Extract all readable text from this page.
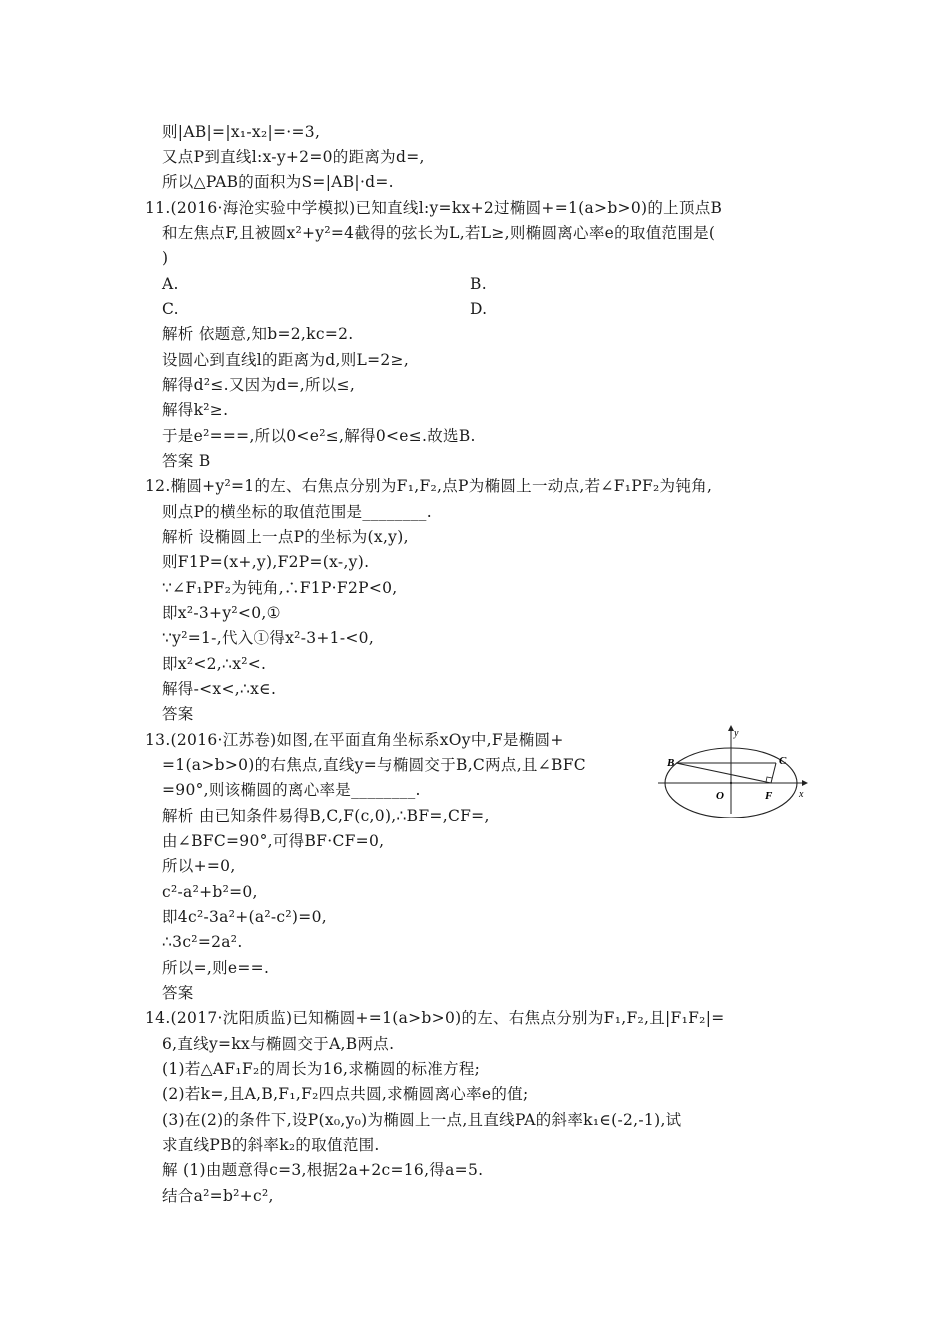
则|AB|=|x₁-x₂|=·=3,
又点P到直线l:x-y+2=0的距离为d=,
所以△PAB的面积为S=|AB|·d=.
11.(2016·海沧实验中学模拟)已知直线l:y=kx+2过椭圆+=1(a>b>0)的上顶点B
和左焦点F,且被圆x²+y²=4截得的弦长为L,若L≥,则椭圆离心率e的取值范围是(
)
A.	B.
C.	D.
解析 依题意,知b=2,kc=2.
设圆心到直线l的距离为d,则L=2≥,
解得d²≤.又因为d=,所以≤,
解得k²≥.
于是e²===,所以0<e²≤,解得0<e≤.故选B.
答案 B
12.椭圆+y²=1的左、右焦点分别为F₁,F₂,点P为椭圆上一动点,若∠F₁PF₂为钝角,
则点P的横坐标的取值范围是________.
解析 设椭圆上一点P的坐标为(x,y),
则F1P=(x+,y),F2P=(x-,y).
∵∠F₁PF₂为钝角,∴F1P·F2P<0,
即x²-3+y²<0,①
∵y²=1-,代入①得x²-3+1-<0,
即x²<2,∴x²<.
解得-<x<,∴x∈.
答案
13.(2016·江苏卷)如图,在平面直角坐标系xOy中,F是椭圆+
=1(a>b>0)的右焦点,直线y=与椭圆交于B,C两点,且∠BFC
=90°,则该椭圆的离心率是________.
解析 由已知条件易得B,C,F(c,0),∴BF=,CF=,
由∠BFC=90°,可得BF·CF=0,
所以+=0,
c²-a²+b²=0,
即4c²-3a²+(a²-c²)=0,
∴3c²=2a².
所以=,则e==.
答案
14.(2017·沈阳质监)已知椭圆+=1(a>b>0)的左、右焦点分别为F₁,F₂,且|F₁F₂|=
6,直线y=kx与椭圆交于A,B两点.
(1)若△AF₁F₂的周长为16,求椭圆的标准方程;
(2)若k=,且A,B,F₁,F₂四点共圆,求椭圆离心率e的值;
(3)在(2)的条件下,设P(x₀,y₀)为椭圆上一点,且直线PA的斜率k₁∈(-2,-1),试
求直线PB的斜率k₂的取值范围.
解 (1)由题意得c=3,根据2a+2c=16,得a=5.
结合a²=b²+c²,
y
x
B	C
O	F
